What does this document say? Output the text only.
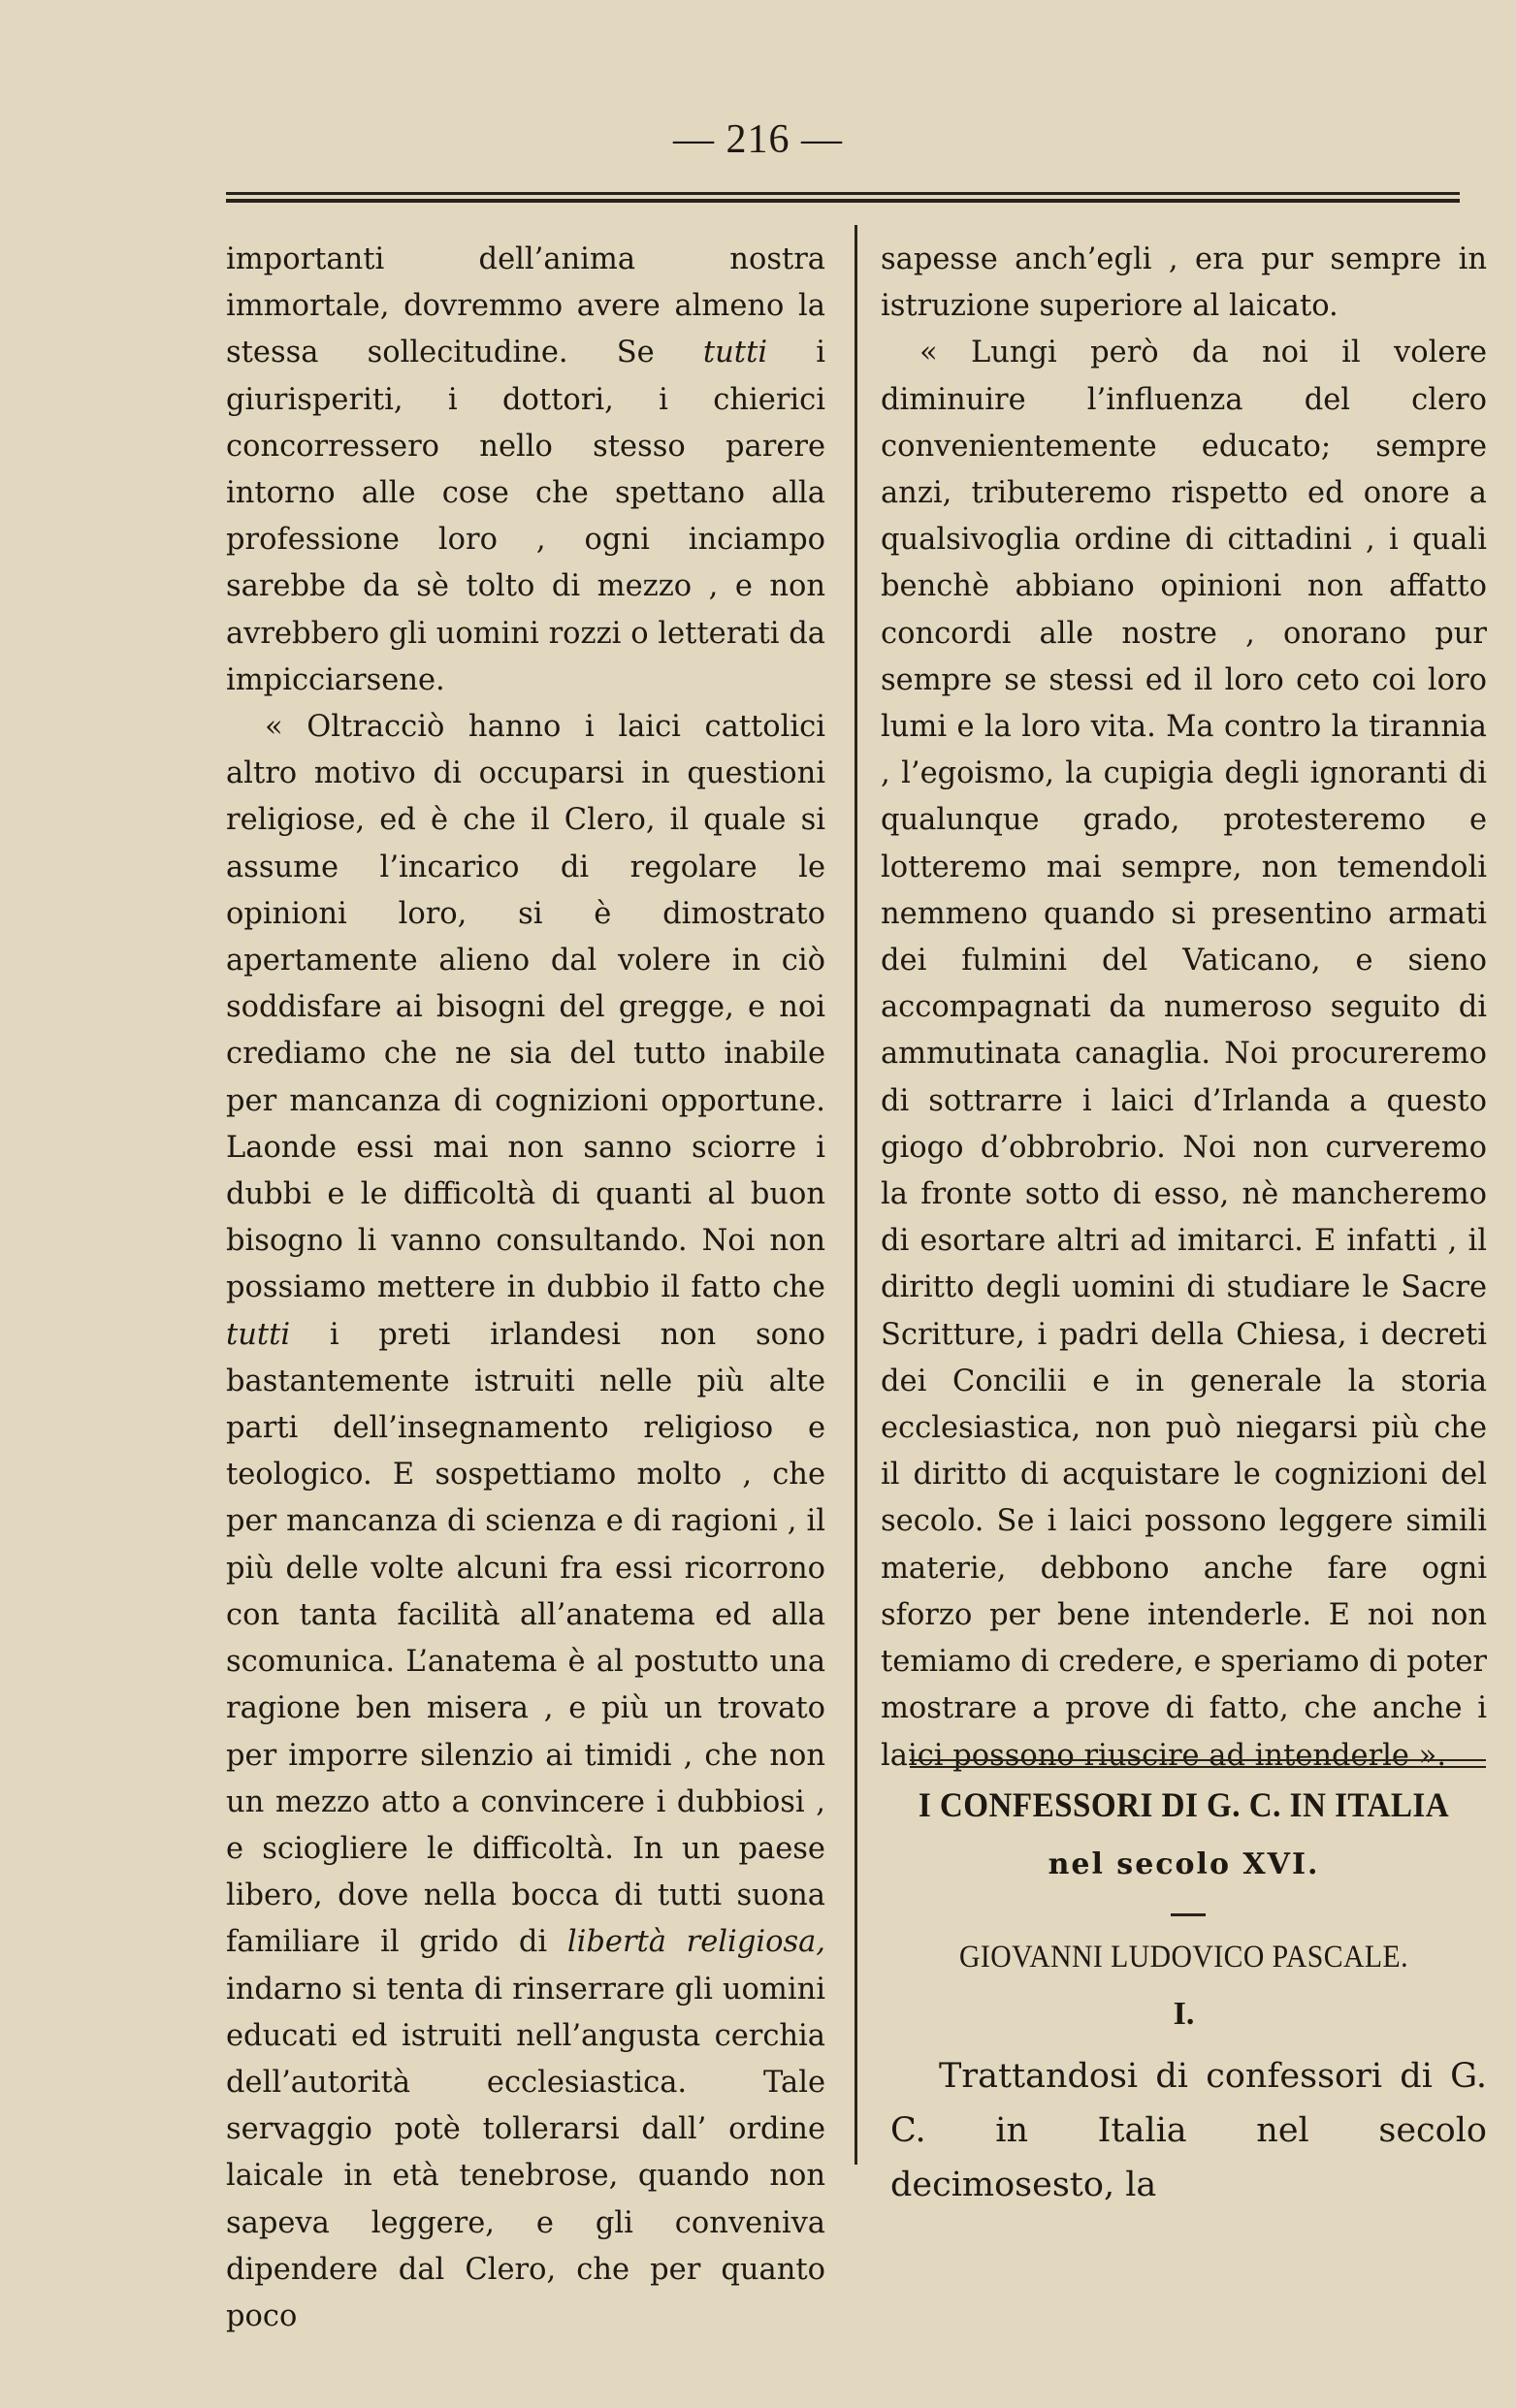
— 216 —

importanti dell’anima nostra immortale, dovremmo avere almeno la stessa sollecitudine. Se tutti i giurisperiti, i dottori, i chierici concorressero nello stesso parere intorno alle cose che spettano alla professione loro , ogni inciampo sarebbe da sè tolto di mezzo , e non avrebbero gli uomini rozzi o letterati da impicciarsene.

« Oltracciò hanno i laici cattolici altro motivo di occuparsi in questioni religiose, ed è che il Clero, il quale si assume l’incarico di regolare le opinioni loro, si è dimostrato apertamente alieno dal volere in ciò soddisfare ai bisogni del gregge, e noi crediamo che ne sia del tutto inabile per mancanza di cognizioni opportune. Laonde essi mai non sanno sciorre i dubbi e le difficoltà di quanti al buon bisogno li vanno consultando. Noi non possiamo mettere in dubbio il fatto che tutti i preti irlandesi non sono bastantemente istruiti nelle più alte parti dell’insegnamento religioso e teologico. E sospettiamo molto , che per mancanza di scienza e di ragioni , il più delle volte alcuni fra essi ricorrono con tanta facilità all’anatema ed alla scomunica. L’anatema è al postutto una ragione ben misera , e più un trovato per imporre silenzio ai timidi , che non un mezzo atto a convincere i dubbiosi , e sciogliere le difficoltà. In un paese libero, dove nella bocca di tutti suona familiare il grido di libertà religiosa, indarno si tenta di rinserrare gli uomini educati ed istruiti nell’angusta cerchia dell’autorità ecclesiastica. Tale servaggio potè tollerarsi dall’ ordine laicale in età tenebrose, quando non sapeva leggere, e gli conveniva dipendere dal Clero, che per quanto poco

sapesse anch’egli , era pur sempre in istruzione superiore al laicato.

« Lungi però da noi il volere diminuire l’influenza del clero convenientemente educato; sempre anzi, tributeremo rispetto ed onore a qualsivoglia ordine di cittadini , i quali benchè abbiano opinioni non affatto concordi alle nostre , onorano pur sempre se stessi ed il loro ceto coi loro lumi e la loro vita. Ma contro la tirannia , l’egoismo, la cupigia degli ignoranti di qualunque grado, protesteremo e lotteremo mai sempre, non temendoli nemmeno quando si presentino armati dei fulmini del Vaticano, e sieno accompagnati da numeroso seguito di ammutinata canaglia. Noi procureremo di sottrarre i laici d’Irlanda a questo giogo d’obbrobrio. Noi non curveremo la fronte sotto di esso, nè mancheremo di esortare altri ad imitarci. E infatti , il diritto degli uomini di studiare le Sacre Scritture, i padri della Chiesa, i decreti dei Concilii e in generale la storia ecclesiastica, non può niegarsi più che il diritto di acquistare le cognizioni del secolo. Se i laici possono leggere simili materie, debbono anche fare ogni sforzo per bene intenderle. E noi non temiamo di credere, e speriamo di poter mostrare a prove di fatto, che anche i laici possono riuscire ad intenderle ».

I CONFESSORI DI G. C. IN ITALIA
nel secolo XVI.
GIOVANNI LUDOVICO PASCALE.
I.

Trattandosi di confessori di G. C. in Italia nel secolo decimosesto, la
